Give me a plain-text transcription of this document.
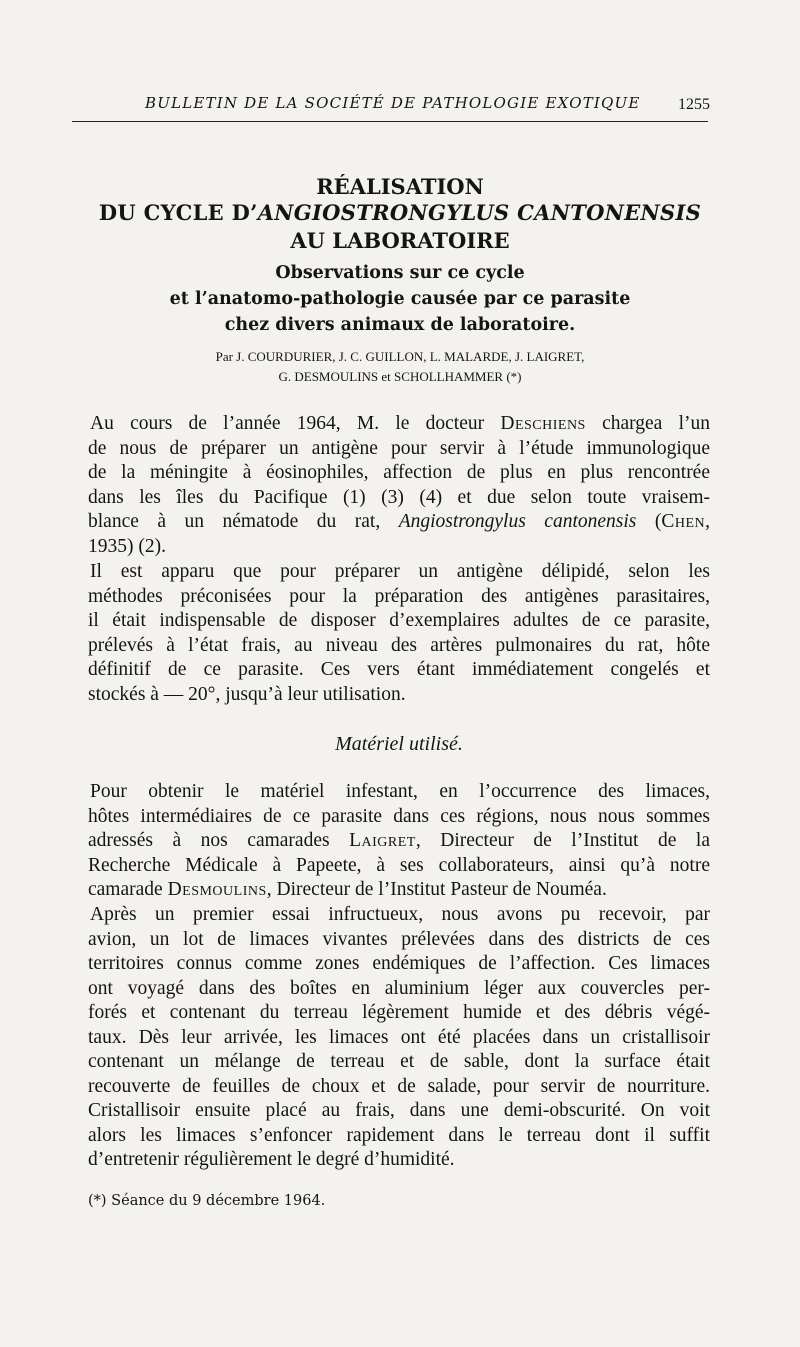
BULLETIN DE LA SOCIÉTÉ DE PATHOLOGIE EXOTIQUE 1255
RÉALISATION
DU CYCLE D’ANGIOSTRONGYLUS CANTONENSIS
AU LABORATOIRE
Observations sur ce cycle
et l’anatomo-pathologie causée par ce parasite
chez divers animaux de laboratoire.
Par J. COURDURIER, J. C. GUILLON, L. MALARDE, J. LAIGRET,
G. DESMOULINS et SCHOLLHAMMER (*)
Au cours de l’année 1964, M. le docteur Deschiens chargea l’un
de nous de préparer un antigène pour servir à l’étude immunologique
de la méningite à éosinophiles, affection de plus en plus rencontrée
dans les îles du Pacifique (1) (3) (4) et due selon toute vraisem-
blance à un nématode du rat, Angiostrongylus cantonensis (Chen,
1935) (2).
Il est apparu que pour préparer un antigène délipidé, selon les
méthodes préconisées pour la préparation des antigènes parasitaires,
il était indispensable de disposer d’exemplaires adultes de ce parasite,
prélevés à l’état frais, au niveau des artères pulmonaires du rat, hôte
définitif de ce parasite. Ces vers étant immédiatement congelés et
stockés à — 20°, jusqu’à leur utilisation.
Matériel utilisé.
Pour obtenir le matériel infestant, en l’occurrence des limaces,
hôtes intermédiaires de ce parasite dans ces régions, nous nous sommes
adressés à nos camarades Laigret, Directeur de l’Institut de la
Recherche Médicale à Papeete, à ses collaborateurs, ainsi qu’à notre
camarade Desmoulins, Directeur de l’Institut Pasteur de Nouméa.
Après un premier essai infructueux, nous avons pu recevoir, par
avion, un lot de limaces vivantes prélevées dans des districts de ces
territoires connus comme zones endémiques de l’affection. Ces limaces
ont voyagé dans des boîtes en aluminium léger aux couvercles per-
forés et contenant du terreau légèrement humide et des débris végé-
taux. Dès leur arrivée, les limaces ont été placées dans un cristallisoir
contenant un mélange de terreau et de sable, dont la surface était
recouverte de feuilles de choux et de salade, pour servir de nourriture.
Cristallisoir ensuite placé au frais, dans une demi-obscurité. On voit
alors les limaces s’enfoncer rapidement dans le terreau dont il suffit
d’entretenir régulièrement le degré d’humidité.
(*) Séance du 9 décembre 1964.
